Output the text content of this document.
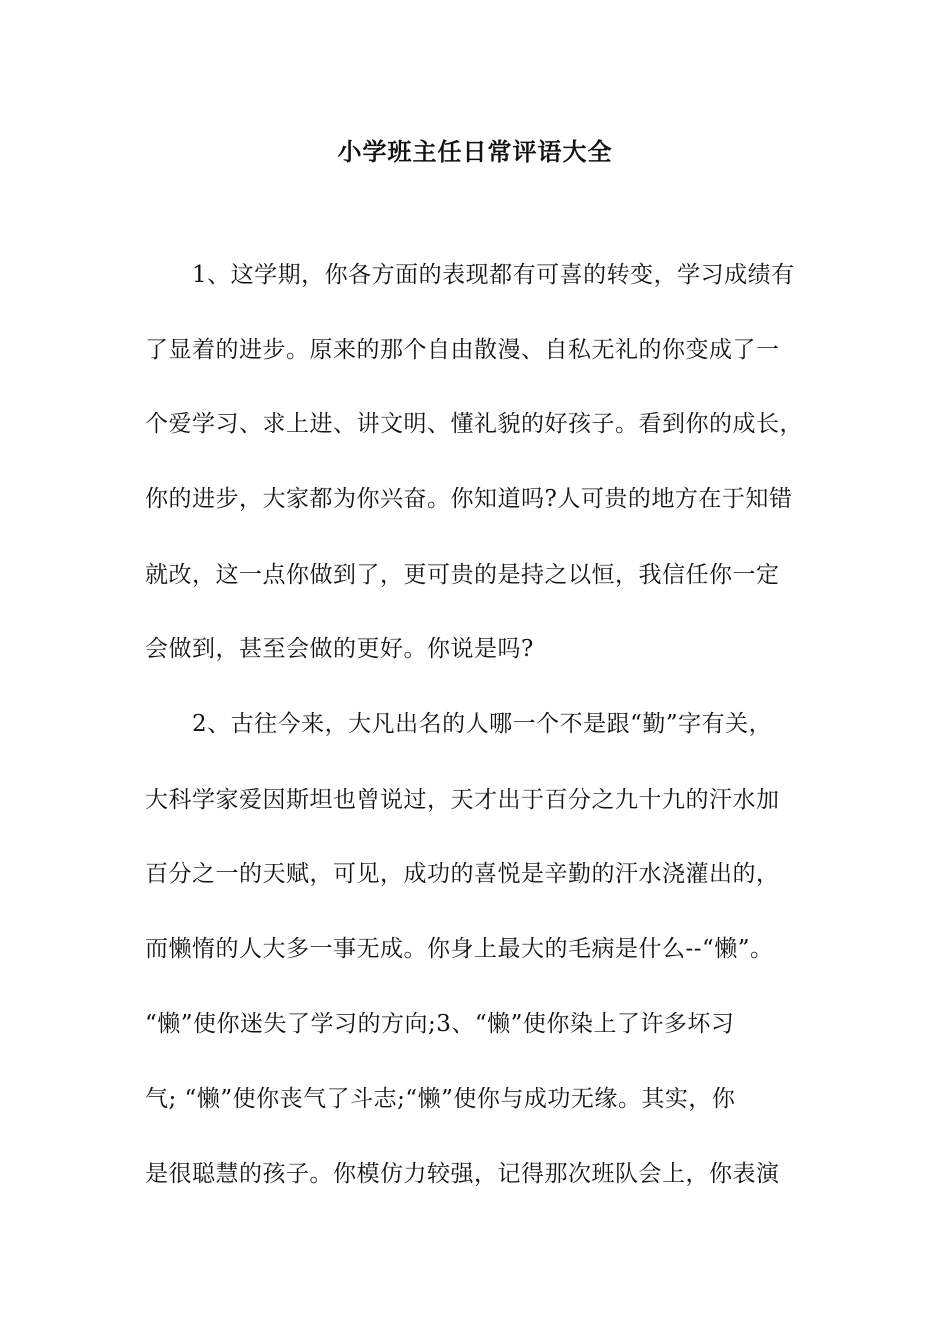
小学班主任日常评语大全
　　1、这学期，你各方面的表现都有可喜的转变，学习成绩有
了显着的进步。原来的那个自由散漫、自私无礼的你变成了一
个爱学习、求上进、讲文明、懂礼貌的好孩子。看到你的成长，
你的进步，大家都为你兴奋。你知道吗?人可贵的地方在于知错
就改，这一点你做到了，更可贵的是持之以恒，我信任你一定
会做到，甚至会做的更好。你说是吗?
　　2、古往今来，大凡出名的人哪一个不是跟“勤”字有关，
大科学家爱因斯坦也曾说过，天才出于百分之九十九的汗水加
百分之一的天赋，可见，成功的喜悦是辛勤的汗水浇灌出的，
而懒惰的人大多一事无成。你身上最大的毛病是什么--“懒”。
“懒”使你迷失了学习的方向;3、“懒”使你染上了许多坏习
气; “懒”使你丧气了斗志;“懒”使你与成功无缘。其实，你
是很聪慧的孩子。你模仿力较强，记得那次班队会上，你表演
